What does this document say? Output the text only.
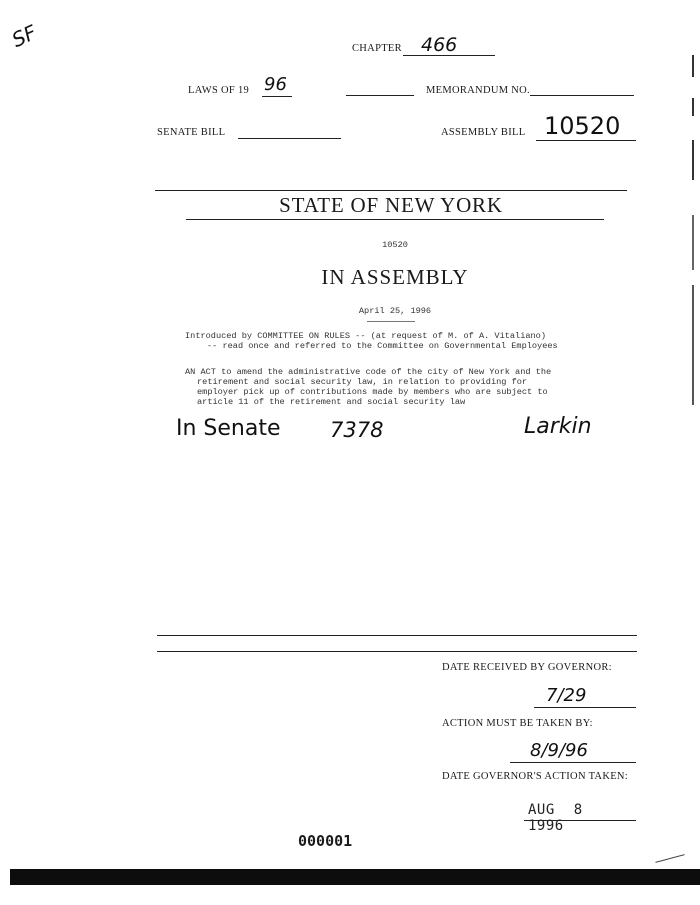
SF	CHAPTER 466
LAWS OF 19 96	MEMORANDUM NO.
SENATE BILL	ASSEMBLY BILL 10520
STATE OF NEW YORK
10520
IN ASSEMBLY
April 25, 1996
Introduced by COMMITTEE ON RULES -- (at request of M. of A. Vitaliano)
-- read once and referred to the Committee on Governmental Employees
AN ACT to amend the administrative code of the city of New York and the
retirement and social security law, in relation to providing for
employer pick up of contributions made by members who are subject to
article 11 of the retirement and social security law
In Senate 7378	Larkin
DATE RECEIVED BY GOVERNOR:
7/29
ACTION MUST BE TAKEN BY:
8/9/96
DATE GOVERNOR'S ACTION TAKEN:
AUG 8 1996
000001
